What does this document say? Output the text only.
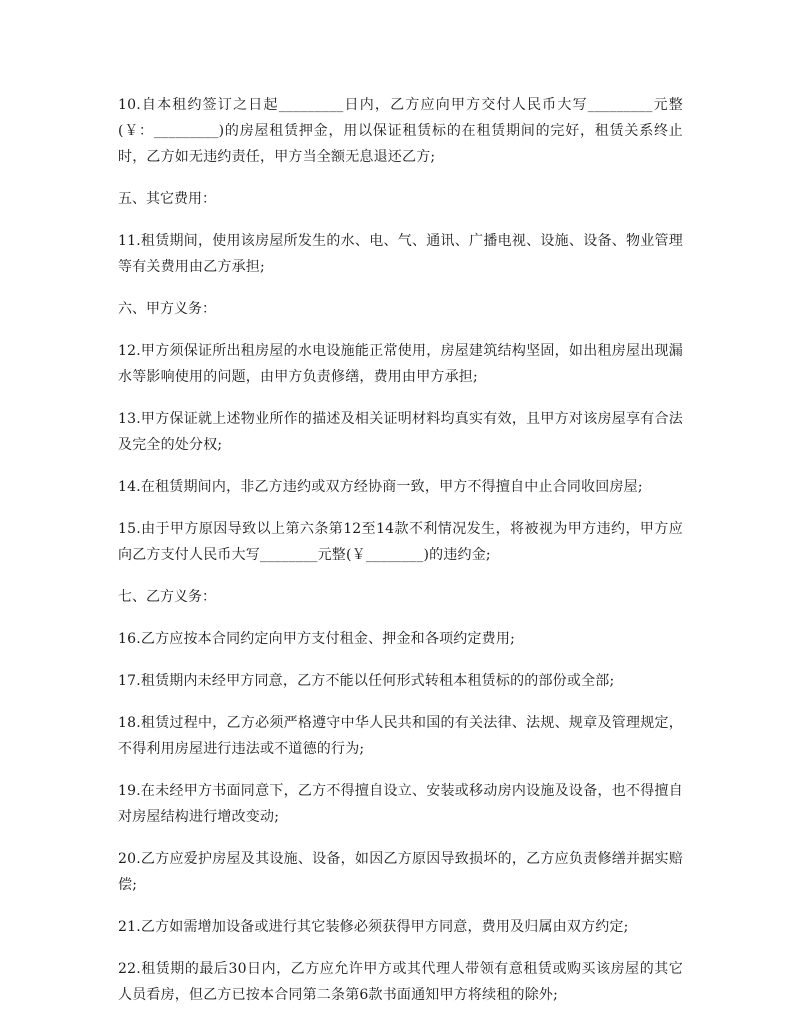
10.自本租约签订之日起_________日内，乙方应向甲方交付人民币大写_________元整(￥：_________)的房屋租赁押金，用以保证租赁标的在租赁期间的完好，租赁关系终止时，乙方如无违约责任，甲方当全额无息退还乙方;

五、其它费用：

11.租赁期间，使用该房屋所发生的水、电、气、通讯、广播电视、设施、设备、物业管理等有关费用由乙方承担;

六、甲方义务：

12.甲方须保证所出租房屋的水电设施能正常使用，房屋建筑结构坚固，如出租房屋出现漏水等影响使用的问题，由甲方负责修缮，费用由甲方承担;

13.甲方保证就上述物业所作的描述及相关证明材料均真实有效，且甲方对该房屋享有合法及完全的处分权;

14.在租赁期间内，非乙方违约或双方经协商一致，甲方不得擅自中止合同收回房屋;

15.由于甲方原因导致以上第六条第12至14款不利情况发生，将被视为甲方违约，甲方应向乙方支付人民币大写________元整(￥________)的违约金;

七、乙方义务：

16.乙方应按本合同约定向甲方支付租金、押金和各项约定费用;

17.租赁期内未经甲方同意，乙方不能以任何形式转租本租赁标的的部份或全部;

18.租赁过程中，乙方必须严格遵守中华人民共和国的有关法律、法规、规章及管理规定，不得利用房屋进行违法或不道德的行为;

19.在未经甲方书面同意下，乙方不得擅自设立、安装或移动房内设施及设备，也不得擅自对房屋结构进行增改变动;

20.乙方应爱护房屋及其设施、设备，如因乙方原因导致损坏的，乙方应负责修缮并据实赔偿;

21.乙方如需增加设备或进行其它装修必须获得甲方同意，费用及归属由双方约定;

22.租赁期的最后30日内，乙方应允许甲方或其代理人带领有意租赁或购买该房屋的其它人员看房，但乙方已按本合同第二条第6款书面通知甲方将续租的除外;
